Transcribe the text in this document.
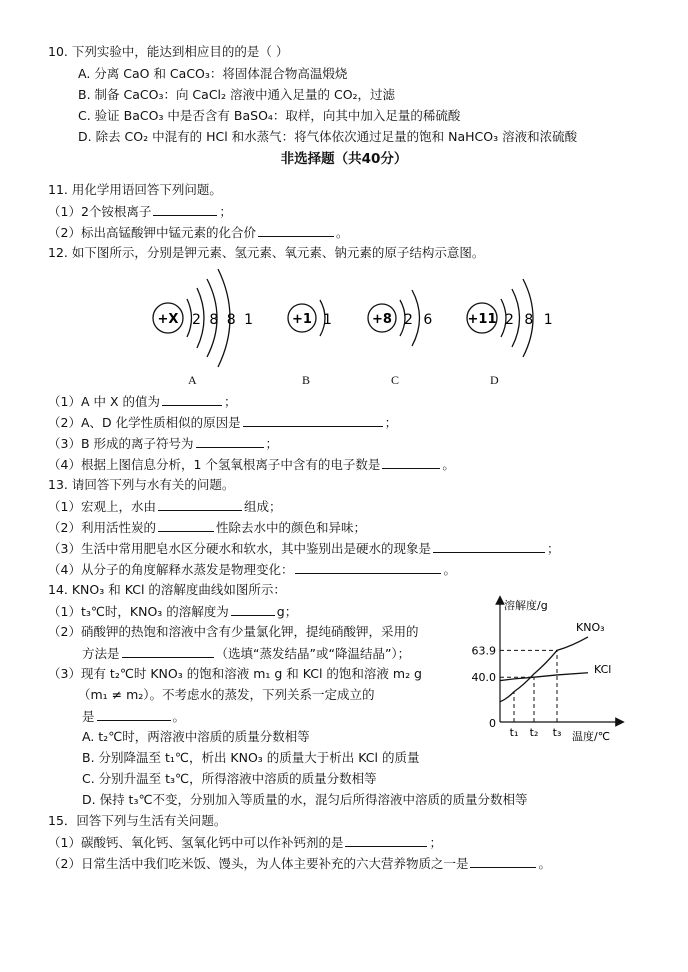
10. 下列实验中，能达到相应目的的是（ ）
A. 分离 CaO 和 CaCO₃：将固体混合物高温煅烧
B. 制备 CaCO₃：向 CaCl₂ 溶液中通入足量的 CO₂，过滤
C. 验证 BaCO₃ 中是否含有 BaSO₄：取样，向其中加入足量的稀硫酸
D. 除去 CO₂ 中混有的 HCl 和水蒸气：将气体依次通过足量的饱和 NaHCO₃ 溶液和浓硫酸
非选择题（共40分）
11. 用化学用语回答下列问题。
（1）2个铵根离子	；
（2）标出高锰酸钾中锰元素的化合价	。
12. 如下图所示，分别是钾元素、氢元素、氧元素、钠元素的原子结构示意图。
+X 2 8 8 1	+1 1	+8 2 6 +11 2 8 1
A	B	C	D
（1）A 中 X 的值为	；
（2）A、D 化学性质相似的原因是	；
（3）B 形成的离子符号为	；
（4）根据上图信息分析，1 个氢氧根离子中含有的电子数是	。
13. 请回答下列与水有关的问题。
（1）宏观上，水由	组成；
（2）利用活性炭的	性除去水中的颜色和异味；
（3）生活中常用肥皂水区分硬水和软水，其中鉴别出是硬水的现象是	；
（4）从分子的角度解释水蒸发是物理变化：	。
14. KNO₃ 和 KCl 的溶解度曲线如图所示：
（1）t₃℃时，KNO₃ 的溶解度为	g；
（2）硝酸钾的热饱和溶液中含有少量氯化钾，提纯硝酸钾，采用的
方法是	（选填“蒸发结晶”或“降温结晶”）；
（3）现有 t₂℃时 KNO₃ 的饱和溶液 m₁ g 和 KCl 的饱和溶液 m₂ g
（m₁ ≠ m₂）。不考虑水的蒸发，下列关系一定成立的
是	。
A. t₂℃时，两溶液中溶质的质量分数相等
B. 分别降温至 t₁℃，析出 KNO₃ 的质量大于析出 KCl 的质量
C. 分别升温至 t₃℃，所得溶液中溶质的质量分数相等
D. 保持 t₃℃不变，分别加入等质量的水，混匀后所得溶液中溶质的质量分数相等
溶解度/g
温度/℃
0
40.0
63.9
t₁ t₂ t₃
KNO₃
KCl
15．回答下列与生活有关问题。
（1）碳酸钙、氧化钙、氢氧化钙中可以作补钙剂的是	；
（2）日常生活中我们吃米饭、馒头，为人体主要补充的六大营养物质之一是	。
